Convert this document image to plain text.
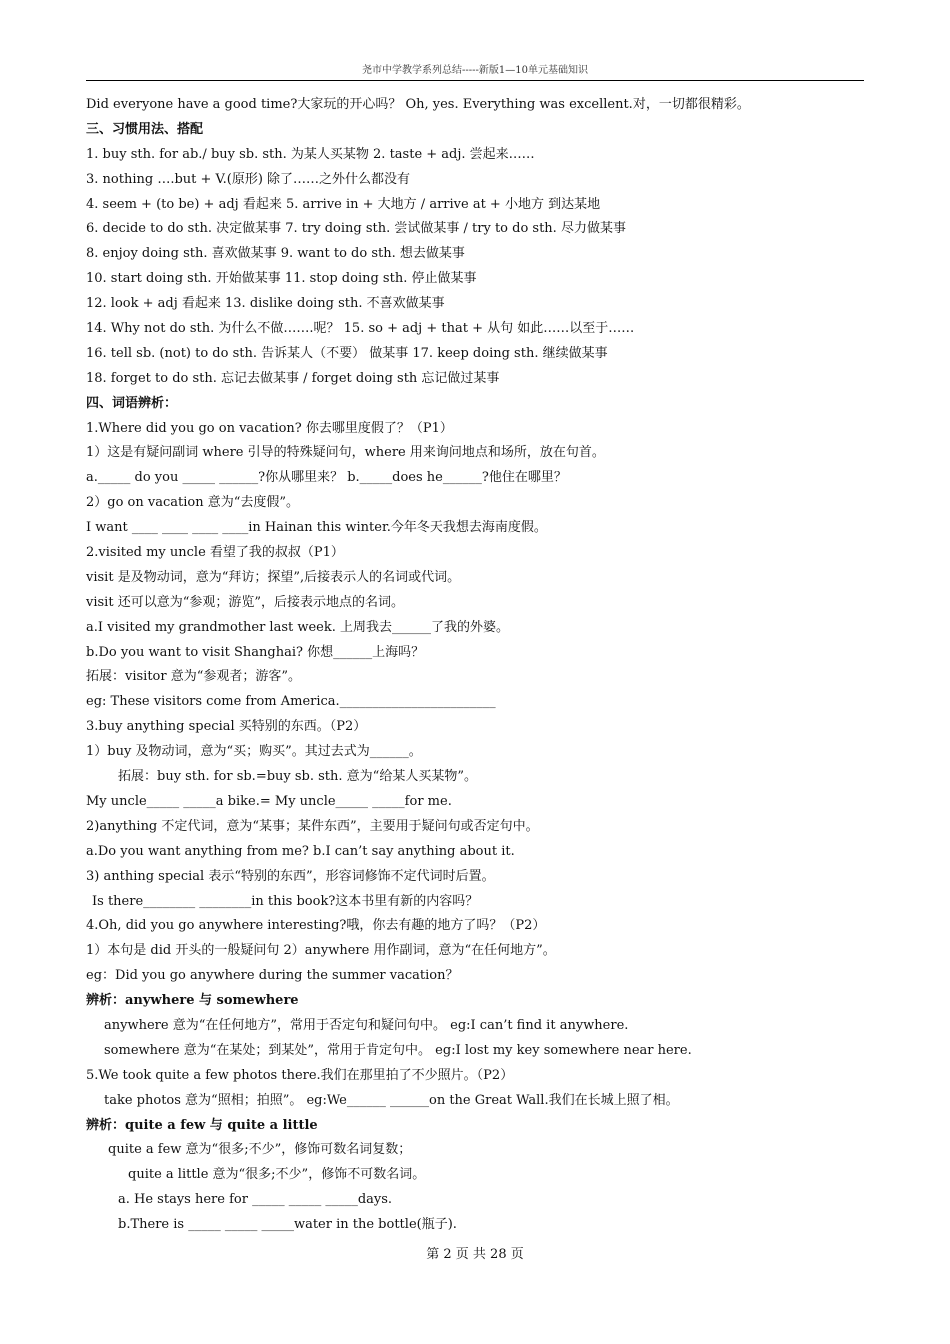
尧市中学教学系列总结-----新版1—10单元基础知识
Did everyone have a good time?大家玩的开心吗？ Oh, yes. Everything was excellent.对，一切都很精彩。
三、习惯用法、搭配
1. buy sth. for ab./ buy sb. sth. 为某人买某物 2. taste + adj. 尝起来……
3. nothing ….but + V.(原形) 除了……之外什么都没有
4. seem + (to be) + adj 看起来 5. arrive in + 大地方 / arrive at + 小地方 到达某地
6. decide to do sth. 决定做某事 7. try doing sth. 尝试做某事 / try to do sth. 尽力做某事
8. enjoy doing sth. 喜欢做某事 9. want to do sth. 想去做某事
10. start doing sth. 开始做某事 11. stop doing sth. 停止做某事
12. look + adj 看起来 13. dislike doing sth. 不喜欢做某事
14. Why not do sth. 为什么不做…….呢？ 15. so + adj + that + 从句 如此……以至于……
16. tell sb. (not) to do sth. 告诉某人（不要） 做某事 17. keep doing sth. 继续做某事
18. forget to do sth. 忘记去做某事 / forget doing sth 忘记做过某事
四、词语辨析：
1.Where did you go on vacation? 你去哪里度假了？（P1）
1）这是有疑问副词 where 引导的特殊疑问句，where 用来询问地点和场所，放在句首。
a._____ do you _____ ______?你从哪里来？ b._____does he______?他住在哪里？
2）go on vacation 意为“去度假”。
I want ____ ____ ____ ____in Hainan this winter.今年冬天我想去海南度假。
2.visited my uncle 看望了我的叔叔（P1）
visit 是及物动词，意为“拜访；探望”,后接表示人的名词或代词。
visit 还可以意为“参观；游览”，后接表示地点的名词。
a.I visited my grandmother last week. 上周我去______了我的外婆。
b.Do you want to visit Shanghai? 你想______上海吗？
拓展：visitor 意为“参观者；游客”。
eg: These visitors come from America.________________________
3.buy anything special 买特别的东西。（P2）
1）buy 及物动词，意为“买；购买”。其过去式为______。
拓展：buy sth. for sb.=buy sb. sth. 意为“给某人买某物”。
My uncle_____ _____a bike.= My uncle_____ _____for me.
2)anything 不定代词，意为“某事；某件东西”，主要用于疑问句或否定句中。
a.Do you want anything from me? b.I can’t say anything about it.
3) anthing special 表示“特别的东西”，形容词修饰不定代词时后置。
Is there________ ________in this book?这本书里有新的内容吗？
4.Oh, did you go anywhere interesting?哦，你去有趣的地方了吗？（P2）
1）本句是 did 开头的一般疑问句 2）anywhere 用作副词，意为“在任何地方”。
eg：Did you go anywhere during the summer vacation？
辨析：anywhere 与 somewhere
anywhere 意为“在任何地方”，常用于否定句和疑问句中。 eg:I can’t find it anywhere.
somewhere 意为“在某处；到某处”，常用于肯定句中。 eg:I lost my key somewhere near here.
5.We took quite a few photos there.我们在那里拍了不少照片。（P2）
take photos 意为“照相；拍照”。 eg:We______ ______on the Great Wall.我们在长城上照了相。
辨析：quite a few 与 quite a little
quite a few 意为“很多;不少”，修饰可数名词复数；
quite a little 意为“很多;不少”，修饰不可数名词。
a. He stays here for _____ _____ _____days.
b.There is _____ _____ _____water in the bottle(瓶子).
第 2 页 共 28 页
